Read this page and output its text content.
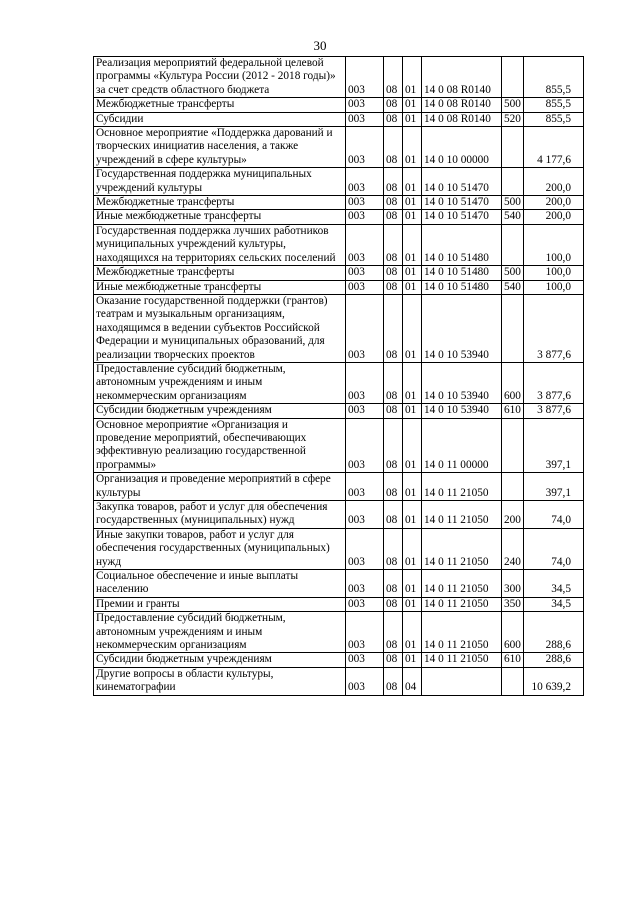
30
Реализация мероприятий федеральной целевой программы «Культура России (2012 - 2018 годы)» за счет средств областного бюджета	003	08	01	14 0 08 R0140		855,5
Межбюджетные трансферты	003	08	01	14 0 08 R0140	500	855,5
Субсидии	003	08	01	14 0 08 R0140	520	855,5
Основное мероприятие «Поддержка дарований и творческих инициатив населения, а также учреждений в сфере культуры»	003	08	01	14 0 10 00000		4 177,6
Государственная поддержка муниципальных учреждений культуры	003	08	01	14 0 10 51470		200,0
Межбюджетные трансферты	003	08	01	14 0 10 51470	500	200,0
Иные межбюджетные трансферты	003	08	01	14 0 10 51470	540	200,0
Государственная поддержка лучших работников муниципальных учреждений культуры, находящихся на территориях сельских поселений	003	08	01	14 0 10 51480		100,0
Межбюджетные трансферты	003	08	01	14 0 10 51480	500	100,0
Иные межбюджетные трансферты	003	08	01	14 0 10 51480	540	100,0
Оказание государственной поддержки (грантов) театрам и музыкальным организациям, находящимся в ведении субъектов Российской Федерации и муниципальных образований, для реализации творческих проектов	003	08	01	14 0 10 53940		3 877,6
Предоставление субсидий бюджетным, автономным учреждениям и иным некоммерческим организациям	003	08	01	14 0 10 53940	600	3 877,6
Субсидии бюджетным учреждениям	003	08	01	14 0 10 53940	610	3 877,6
Основное мероприятие «Организация и проведение мероприятий, обеспечивающих эффективную реализацию государственной программы»	003	08	01	14 0 11 00000		397,1
Организация и проведение мероприятий в сфере культуры	003	08	01	14 0 11 21050		397,1
Закупка товаров, работ и услуг для обеспечения государственных (муниципальных) нужд	003	08	01	14 0 11 21050	200	74,0
Иные закупки товаров, работ и услуг для обеспечения государственных (муниципальных) нужд	003	08	01	14 0 11 21050	240	74,0
Социальное обеспечение и иные выплаты населению	003	08	01	14 0 11 21050	300	34,5
Премии и гранты	003	08	01	14 0 11 21050	350	34,5
Предоставление субсидий бюджетным, автономным учреждениям и иным некоммерческим организациям	003	08	01	14 0 11 21050	600	288,6
Субсидии бюджетным учреждениям	003	08	01	14 0 11 21050	610	288,6
Другие вопросы в области культуры, кинематографии	003	08	04			10 639,2
